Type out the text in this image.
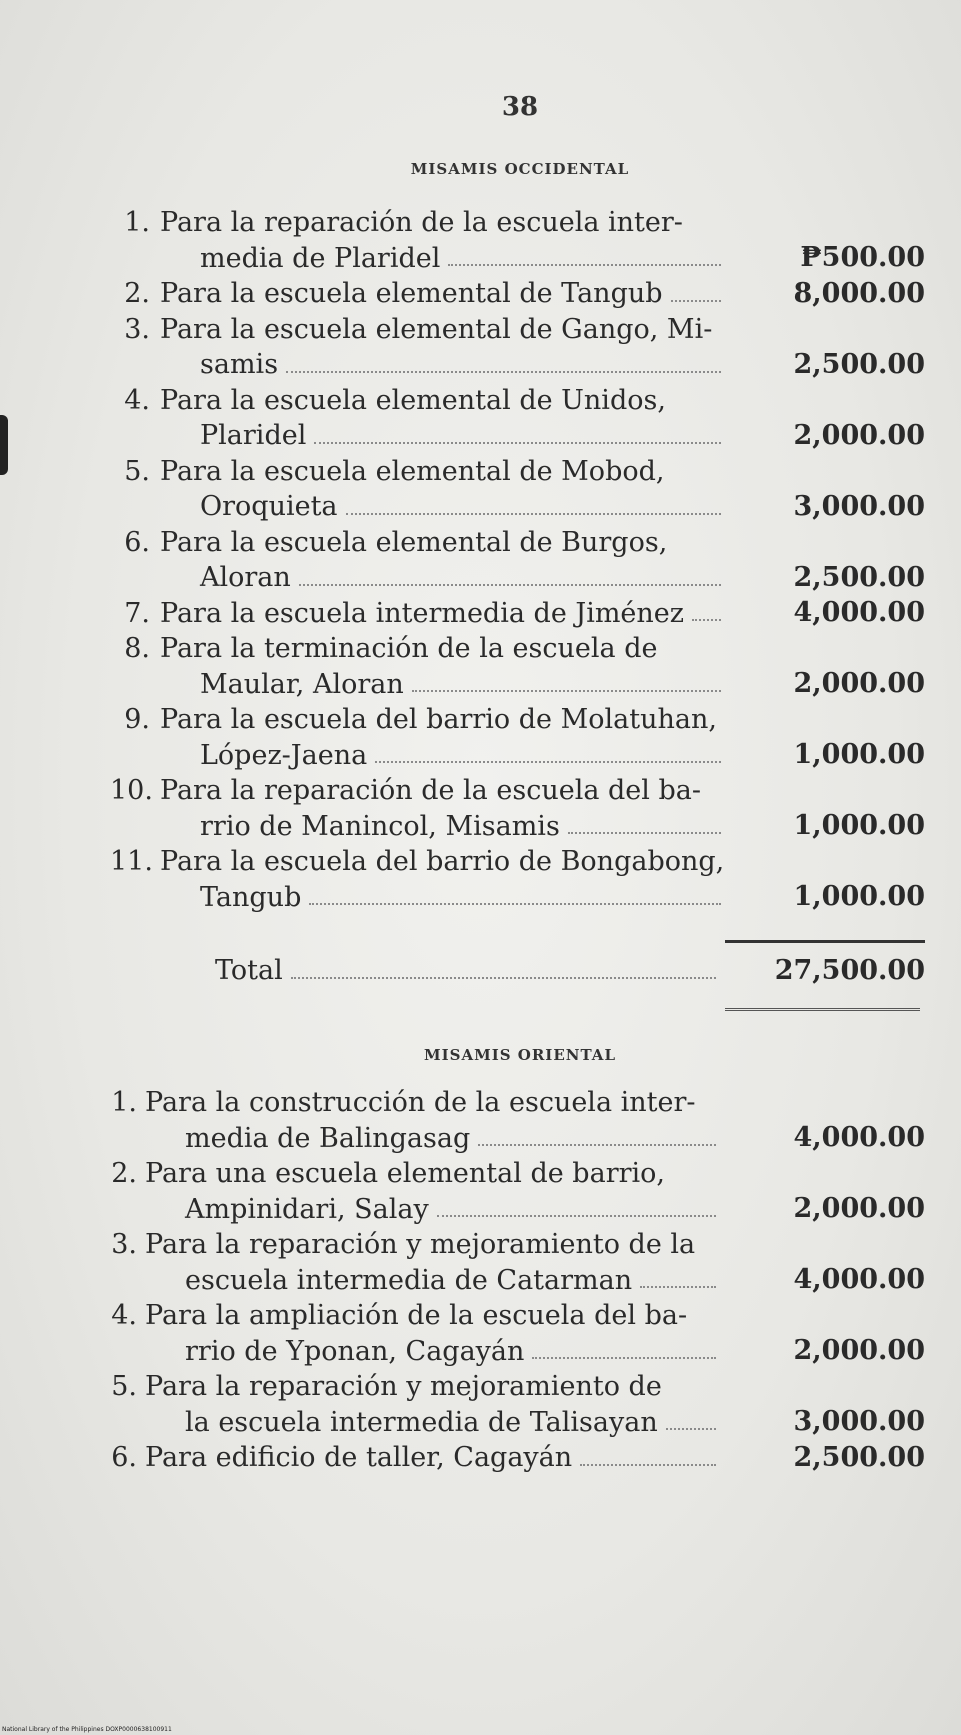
38
MISAMIS OCCIDENTAL
1. Para la reparación de la escuela inter-
media de Plaridel	₱500.00
2. Para la escuela elemental de Tangub	8,000.00
3. Para la escuela elemental de Gango, Mi-
samis	2,500.00
4. Para la escuela elemental de Unidos,
Plaridel	2,000.00
5. Para la escuela elemental de Mobod,
Oroquieta	3,000.00
6. Para la escuela elemental de Burgos,
Aloran	2,500.00
7. Para la escuela intermedia de Jiménez	4,000.00
8. Para la terminación de la escuela de
Maular, Aloran	2,000.00
9. Para la escuela del barrio de Molatuhan,
López-Jaena	1,000.00
10. Para la reparación de la escuela del ba-
rrio de Manincol, Misamis	1,000.00
11. Para la escuela del barrio de Bongabong,
Tangub	1,000.00
Total	27,500.00
MISAMIS ORIENTAL
1. Para la construcción de la escuela inter-
media de Balingasag	4,000.00
2. Para una escuela elemental de barrio,
Ampinidari, Salay	2,000.00
3. Para la reparación y mejoramiento de la
escuela intermedia de Catarman	4,000.00
4. Para la ampliación de la escuela del ba-
rrio de Yponan, Cagayán	2,000.00
5. Para la reparación y mejoramiento de
la escuela intermedia de Talisayan	3,000.00
6. Para edificio de taller, Cagayán	2,500.00
National Library of the Philippines DOXP0000638100911
